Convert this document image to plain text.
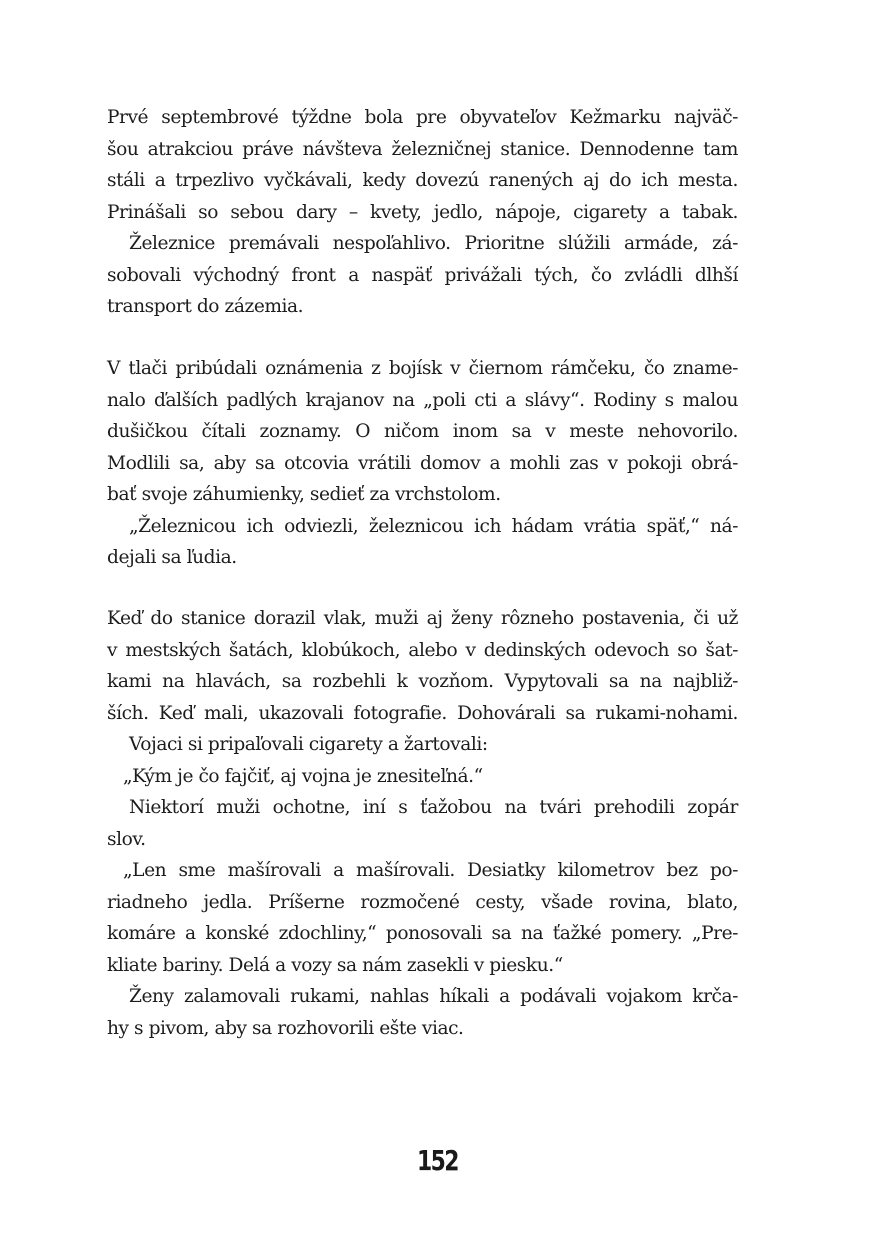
Prvé septembrové týždne bola pre obyvateľov Kežmarku najväč-
šou atrakciou práve návšteva železničnej stanice. Dennodenne tam
stáli a trpezlivo vyčkávali, kedy dovezú ranených aj do ich mesta.
Prinášali so sebou dary – kvety, jedlo, nápoje, cigarety a tabak.
Železnice premávali nespoľahlivo. Prioritne slúžili armáde, zá-
sobovali východný front a naspäť privážali tých, čo zvládli dlhší
transport do zázemia.
V tlači pribúdali oznámenia z bojísk v čiernom rámčeku, čo zname-
nalo ďalších padlých krajanov na „poli cti a slávy“. Rodiny s malou
dušičkou čítali zoznamy. O ničom inom sa v meste nehovorilo.
Modlili sa, aby sa otcovia vrátili domov a mohli zas v pokoji obrá-
bať svoje záhumienky, sedieť za vrchstolom.
„Železnicou ich odviezli, železnicou ich hádam vrátia späť,“ ná-
dejali sa ľudia.
Keď do stanice dorazil vlak, muži aj ženy rôzneho postavenia, či už
v mestských šatách, klobúkoch, alebo v dedinských odevoch so šat-
kami na hlavách, sa rozbehli k vozňom. Vypytovali sa na najbliž-
ších. Keď mali, ukazovali fotografie. Dohovárali sa rukami-nohami.
Vojaci si pripaľovali cigarety a žartovali:
„Kým je čo fajčiť, aj vojna je znesiteľná.“
Niektorí muži ochotne, iní s ťažobou na tvári prehodili zopár
slov.
„Len sme mašírovali a mašírovali. Desiatky kilometrov bez po-
riadneho jedla. Príšerne rozmočené cesty, všade rovina, blato,
komáre a konské zdochliny,“ ponosovali sa na ťažké pomery. „Pre-
kliate bariny. Delá a vozy sa nám zasekli v piesku.“
Ženy zalamovali rukami, nahlas híkali a podávali vojakom krča-
hy s pivom, aby sa rozhovorili ešte viac.
152
